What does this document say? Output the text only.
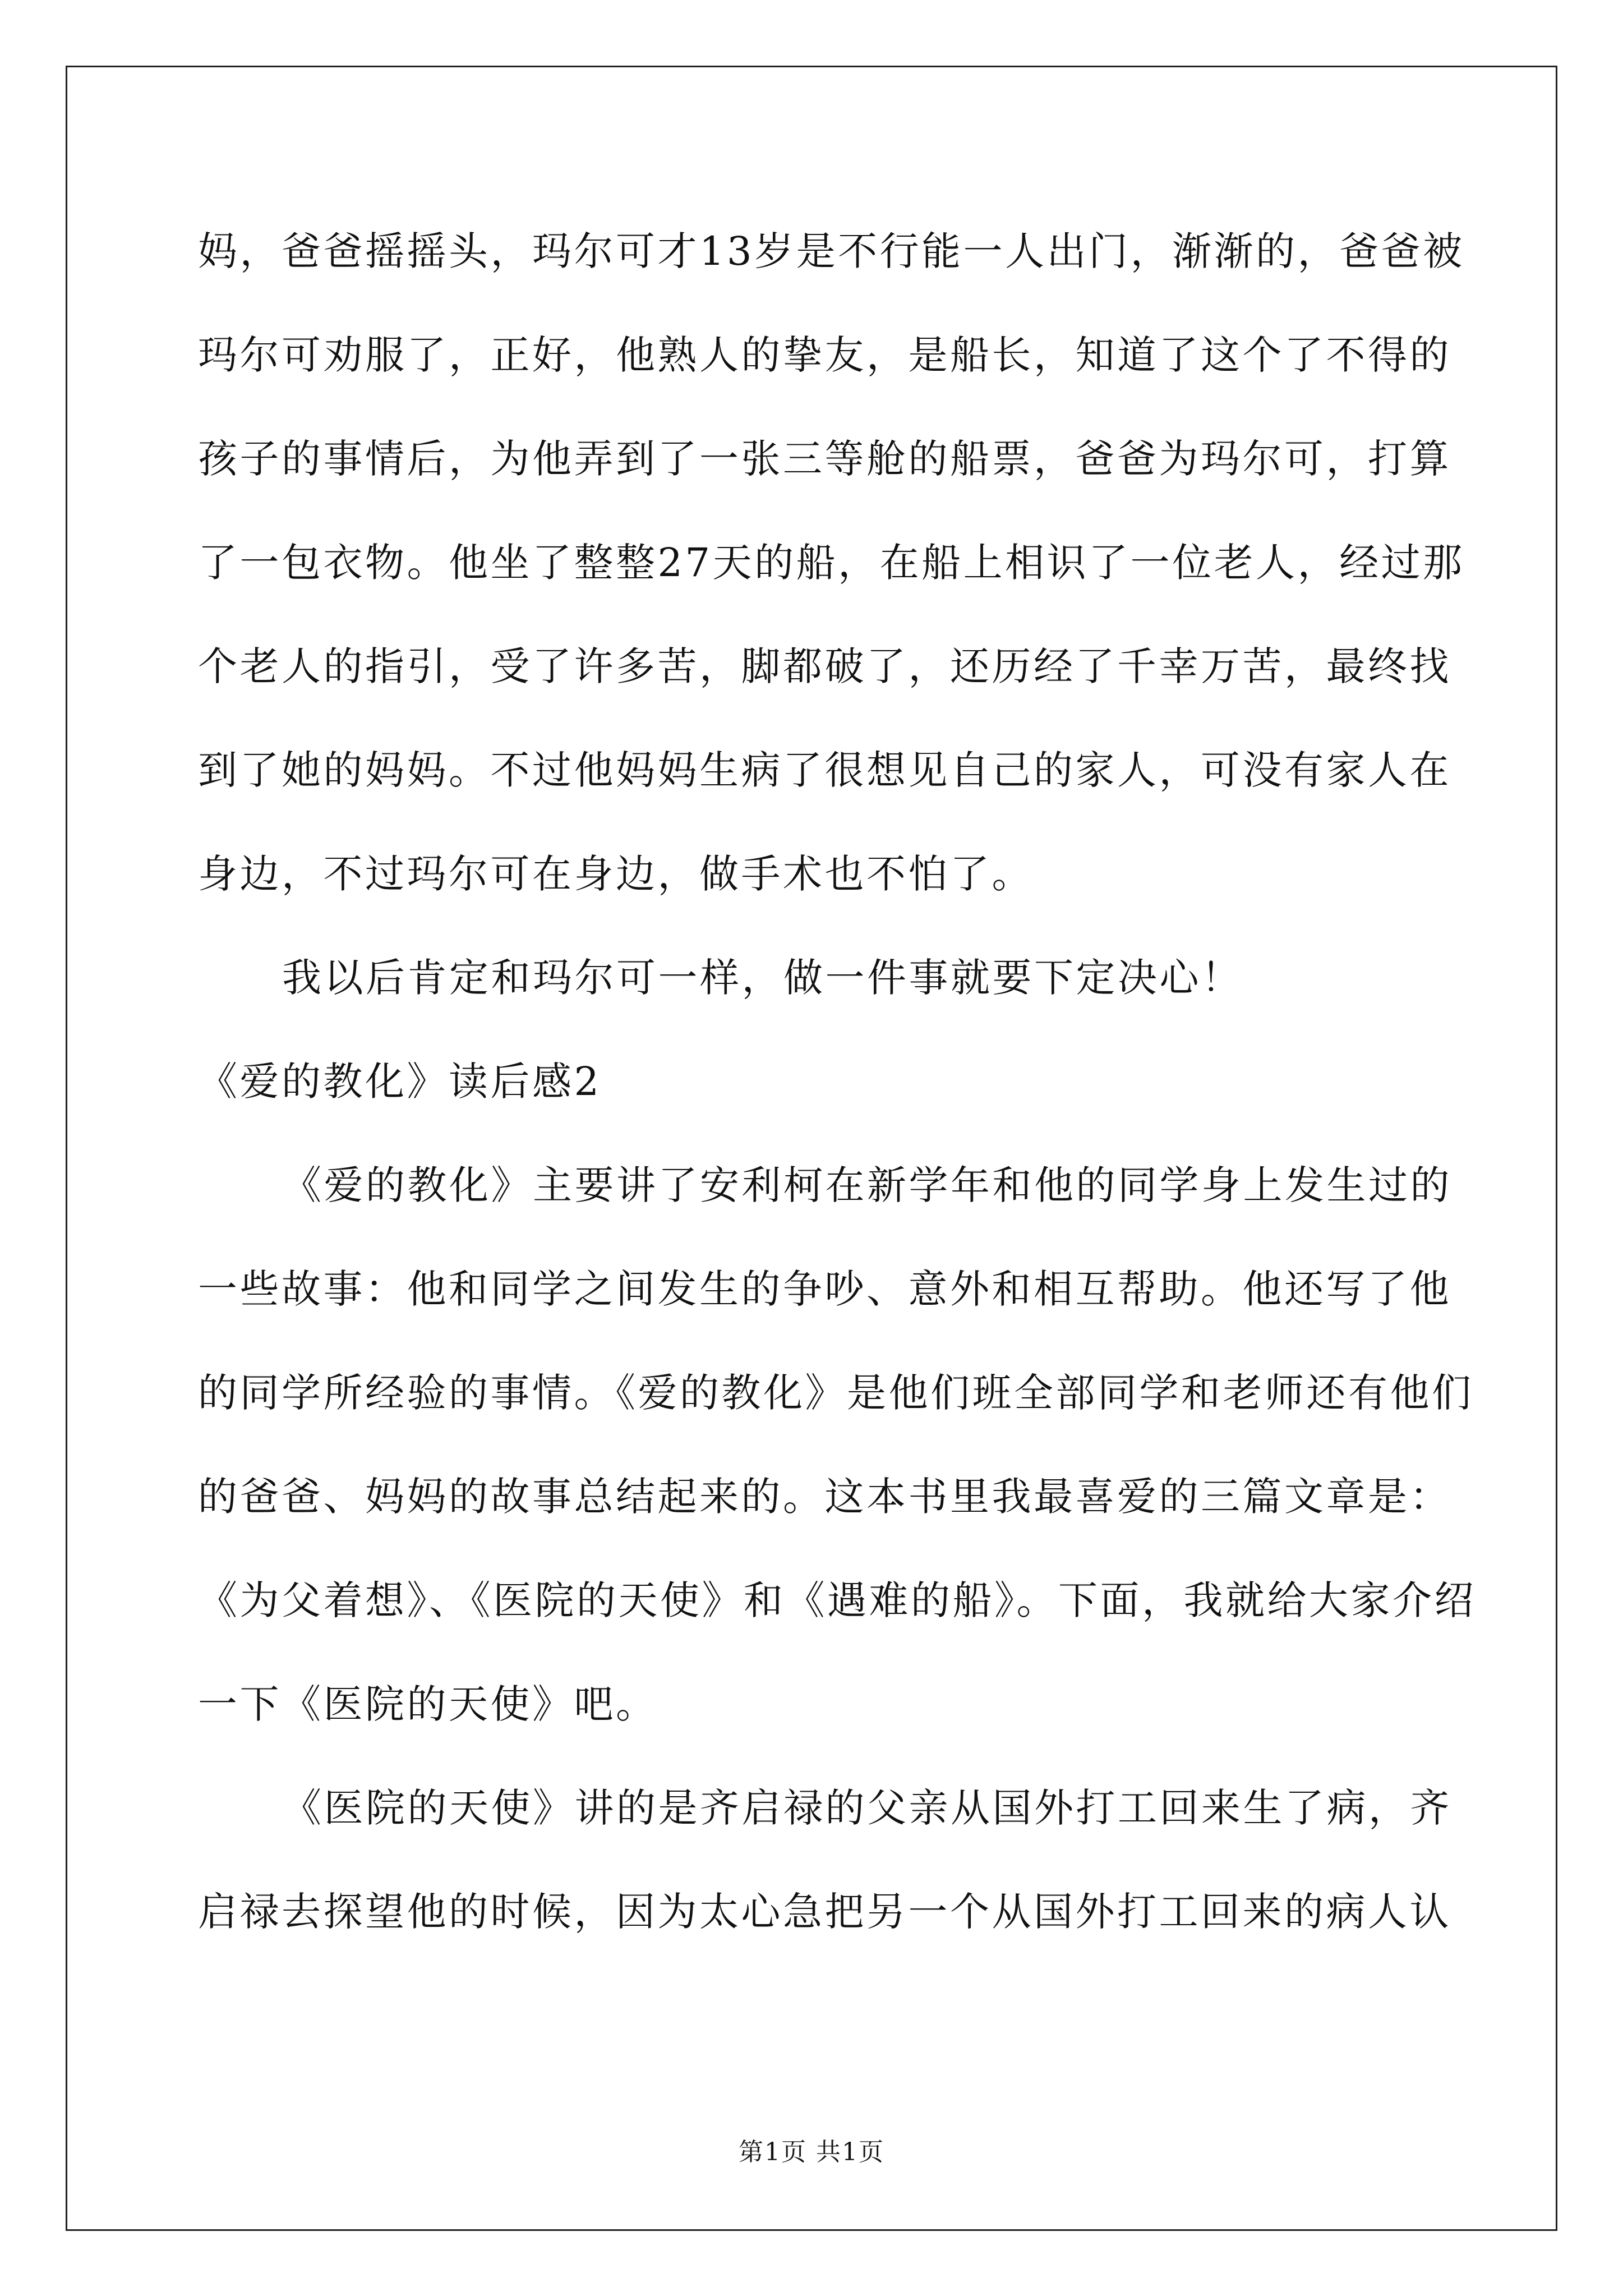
妈，爸爸摇摇头，玛尔可才13岁是不行能一人出门，渐渐的，爸爸被
玛尔可劝服了，正好，他熟人的挚友，是船长，知道了这个了不得的
孩子的事情后，为他弄到了一张三等舱的船票，爸爸为玛尔可，打算
了一包衣物。他坐了整整27天的船，在船上相识了一位老人，经过那
个老人的指引，受了许多苦，脚都破了，还历经了千幸万苦，最终找
到了她的妈妈。不过他妈妈生病了很想见自己的家人，可没有家人在
身边，不过玛尔可在身边，做手术也不怕了。
我以后肯定和玛尔可一样，做一件事就要下定决心！
《爱的教化》读后感2
《爱的教化》主要讲了安利柯在新学年和他的同学身上发生过的
一些故事：他和同学之间发生的争吵、意外和相互帮助。他还写了他
的同学所经验的事情。《爱的教化》是他们班全部同学和老师还有他们
的爸爸、妈妈的故事总结起来的。这本书里我最喜爱的三篇文章是：
《为父着想》、《医院的天使》和《遇难的船》。下面，我就给大家介绍
一下《医院的天使》吧。
《医院的天使》讲的是齐启禄的父亲从国外打工回来生了病，齐
启禄去探望他的时候，因为太心急把另一个从国外打工回来的病人认
第1页 共1页
